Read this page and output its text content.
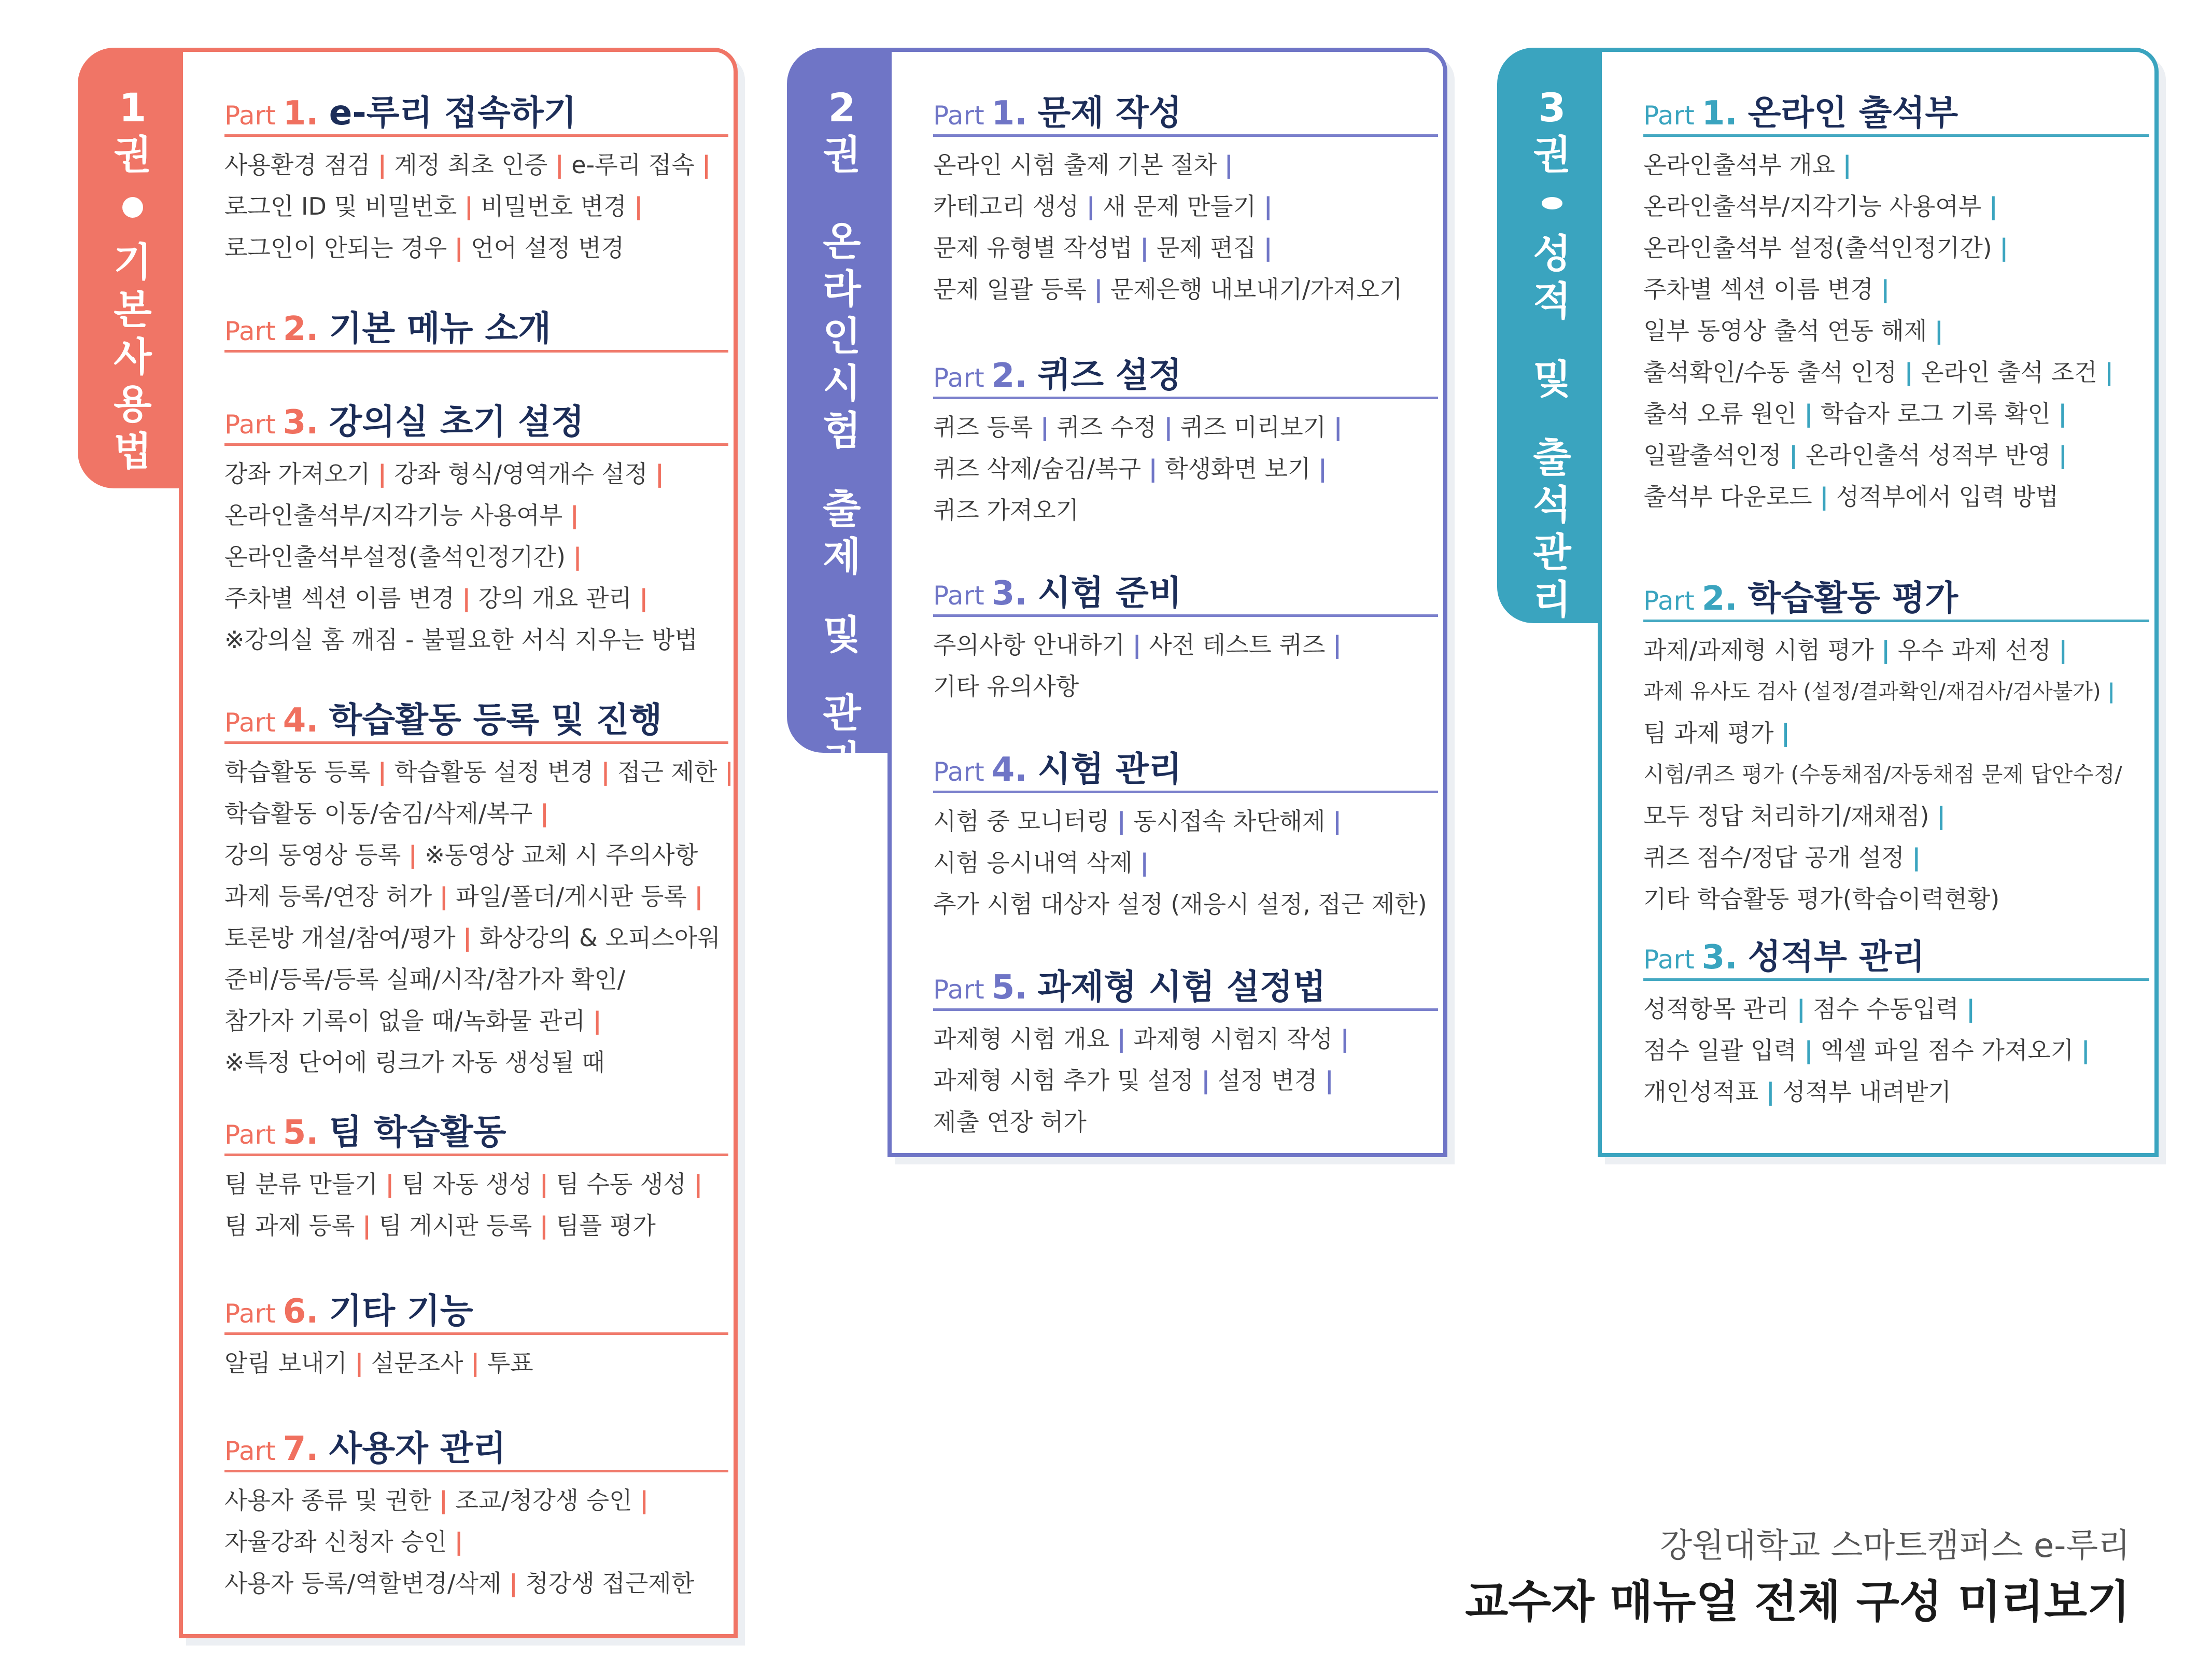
1
권
기
본
사
용
법
Part 1. e-루리 접속하기
사용환경 점검 | 계정 최초 인증 | e-루리 접속 |
로그인 ID 및 비밀번호 | 비밀번호 변경 |
로그인이 안되는 경우 | 언어 설정 변경
Part 2. 기본 메뉴 소개
Part 3. 강의실 초기 설정
강좌 가져오기 | 강좌 형식/영역개수 설정 |
온라인출석부/지각기능 사용여부 |
온라인출석부설정(출석인정기간) |
주차별 섹션 이름 변경 | 강의 개요 관리 |
※강의실 홈 깨짐 - 불필요한 서식 지우는 방법
Part 4. 학습활동 등록 및 진행
학습활동 등록 | 학습활동 설정 변경 | 접근 제한 |
학습활동 이동/숨김/삭제/복구 |
강의 동영상 등록 | ※동영상 교체 시 주의사항
과제 등록/연장 허가 | 파일/폴더/게시판 등록 |
토론방 개설/참여/평가 | 화상강의 & 오피스아워
준비/등록/등록 실패/시작/참가자 확인/
참가자 기록이 없을 때/녹화물 관리 |
※특정 단어에 링크가 자동 생성될 때
Part 5. 팀 학습활동
팀 분류 만들기 | 팀 자동 생성 | 팀 수동 생성 |
팀 과제 등록 | 팀 게시판 등록 | 팀플 평가
Part 6. 기타 기능
알림 보내기 | 설문조사 | 투표
Part 7. 사용자 관리
사용자 종류 및 권한 | 조교/청강생 승인 |
자율강좌 신청자 승인 |
사용자 등록/역할변경/삭제 | 청강생 접근제한
2
권
온
라
인
시
험
출
제
및
관
리
Part 1. 문제 작성
온라인 시험 출제 기본 절차 |
카테고리 생성 | 새 문제 만들기 |
문제 유형별 작성법 | 문제 편집 |
문제 일괄 등록 | 문제은행 내보내기/가져오기
Part 2. 퀴즈 설정
퀴즈 등록 | 퀴즈 수정 | 퀴즈 미리보기 |
퀴즈 삭제/숨김/복구 | 학생화면 보기 |
퀴즈 가져오기
Part 3. 시험 준비
주의사항 안내하기 | 사전 테스트 퀴즈 |
기타 유의사항
Part 4. 시험 관리
시험 중 모니터링 | 동시접속 차단해제 |
시험 응시내역 삭제 |
추가 시험 대상자 설정 (재응시 설정, 접근 제한)
Part 5. 과제형 시험 설정법
과제형 시험 개요 | 과제형 시험지 작성 |
과제형 시험 추가 및 설정 | 설정 변경 |
제출 연장 허가
3
권
성
적
및
출
석
관
리
Part 1. 온라인 출석부
온라인출석부 개요 |
온라인출석부/지각기능 사용여부 |
온라인출석부 설정(출석인정기간) |
주차별 섹션 이름 변경 |
일부 동영상 출석 연동 해제 |
출석확인/수동 출석 인정 | 온라인 출석 조건 |
출석 오류 원인 | 학습자 로그 기록 확인 |
일괄출석인정 | 온라인출석 성적부 반영 |
출석부 다운로드 | 성적부에서 입력 방법
Part 2. 학습활동 평가
과제/과제형 시험 평가 | 우수 과제 선정 |
과제 유사도 검사 (설정/결과확인/재검사/검사불가) |
팀 과제 평가 |
시험/퀴즈 평가 (수동채점/자동채점 문제 답안수정/
모두 정답 처리하기/재채점) |
퀴즈 점수/정답 공개 설정 |
기타 학습활동 평가(학습이력현황)
Part 3. 성적부 관리
성적항목 관리 | 점수 수동입력 |
점수 일괄 입력 | 엑셀 파일 점수 가져오기 |
개인성적표 | 성적부 내려받기
강원대학교 스마트캠퍼스 e-루리
교수자 매뉴얼 전체 구성 미리보기
